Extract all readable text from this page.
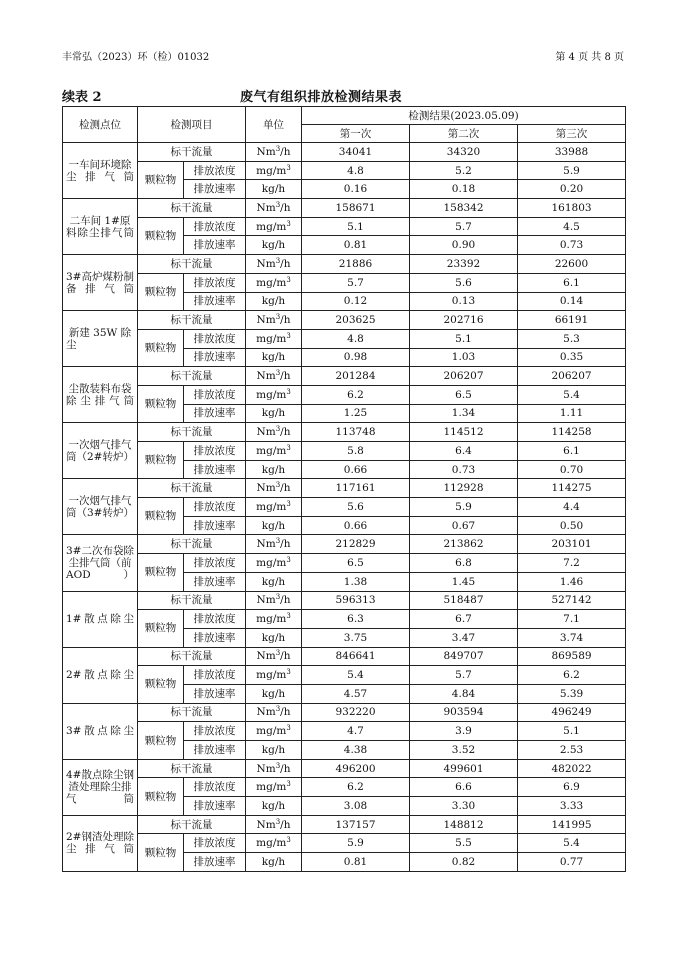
丰常弘（2023）环（检）01032	第 4 页 共 8 页
续表 2	废气有组织排放检测结果表
检测点位	检测项目		单位	检测结果(2023.05.09)		
				第一次	第二次	第三次
一车间环境除尘排气筒	标干流量		Nm$^3$/h	34041	34320	33988
	颗粒物	排放浓度	$mg/m^3$	4.8	5.2	5.9
		排放速率	kg/h	0.16	0.18	0.20
二车间 1#原料除尘排气筒	标干流量		Nm$^3$/h	158671	158342	161803
	颗粒物	排放浓度	$mg/m^3$	5.1	5.7	4.5
		排放速率	kg/h	0.81	0.90	0.73
3#高炉煤粉制备排气筒	标干流量		Nm$^3$/h	21886	23392	22600
	颗粒物	排放浓度	$mg/m^3$	5.7	5.6	6.1
		排放速率	kg/h	0.12	0.13	0.14
新建 35W 除尘	标干流量		Nm$^3$/h	203625	202716	66191
	颗粒物	排放浓度	$mg/m^3$	4.8	5.1	5.3
		排放速率	kg/h	0.98	1.03	0.35
尘散装料布袋除尘排气筒	标干流量		Nm$^3$/h	201284	206207	206207
	颗粒物	排放浓度	$mg/m^3$	6.2	6.5	5.4
		排放速率	kg/h	1.25	1.34	1.11
一次烟气排气筒（2#转炉）	标干流量		Nm$^3$/h	113748	114512	114258
	颗粒物	排放浓度	$mg/m^3$	5.8	6.4	6.1
		排放速率	kg/h	0.66	0.73	0.70
一次烟气排气筒（3#转炉）	标干流量		Nm$^3$/h	117161	112928	114275
	颗粒物	排放浓度	$mg/m^3$	5.6	5.9	4.4
		排放速率	kg/h	0.66	0.67	0.50
3#二次布袋除尘排气筒（前AOD）	标干流量		Nm$^3$/h	212829	213862	203101
	颗粒物	排放浓度	$mg/m^3$	6.5	6.8	7.2
		排放速率	kg/h	1.38	1.45	1.46
1#散点除尘	标干流量		Nm$^3$/h	596313	518487	527142
	颗粒物	排放浓度	$mg/m^3$	6.3	6.7	7.1
		排放速率	kg/h	3.75	3.47	3.74
2#散点除尘	标干流量		Nm$^3$/h	846641	849707	869589
	颗粒物	排放浓度	$mg/m^3$	5.4	5.7	6.2
		排放速率	kg/h	4.57	4.84	5.39
3#散点除尘	标干流量		Nm$^3$/h	932220	903594	496249
	颗粒物	排放浓度	$mg/m^3$	4.7	3.9	5.1
		排放速率	kg/h	4.38	3.52	2.53
4#散点除尘钢渣处理除尘排气筒	标干流量		Nm$^3$/h	496200	499601	482022
	颗粒物	排放浓度	$mg/m^3$	6.2	6.6	6.9
		排放速率	kg/h	3.08	3.30	3.33
2#钢渣处理除尘排气筒	标干流量		Nm$^3$/h	137157	148812	141995
	颗粒物	排放浓度	$mg/m^3$	5.9	5.5	5.4
		排放速率	kg/h	0.81	0.82	0.77
